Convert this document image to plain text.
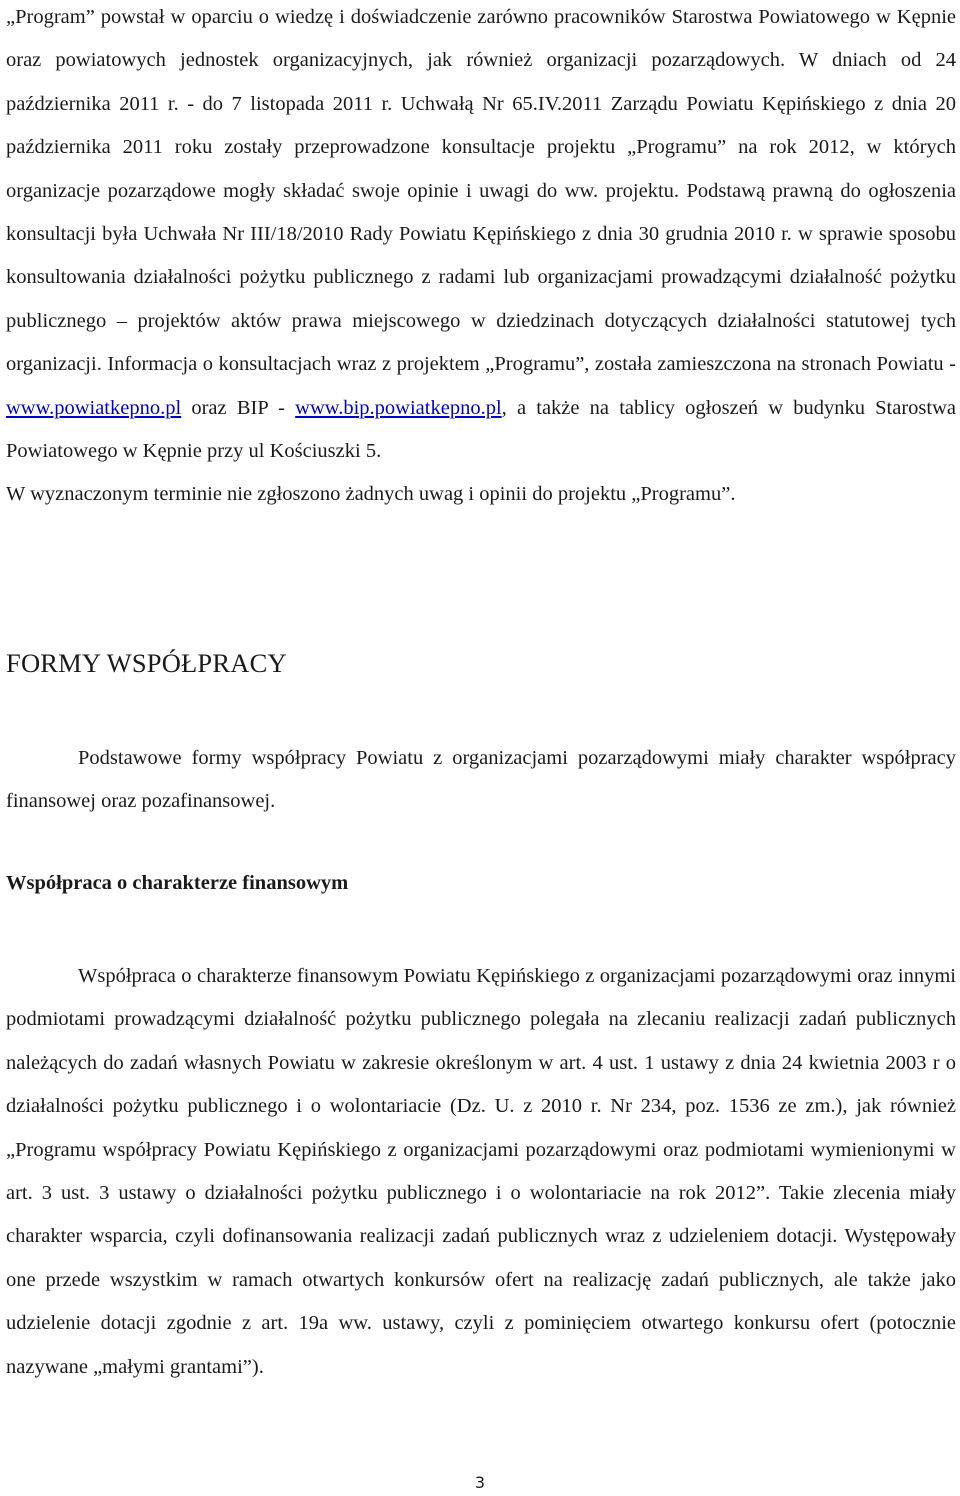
„Program” powstał w oparciu o wiedzę i doświadczenie zarówno pracowników Starostwa Powiatowego w Kępnie oraz powiatowych jednostek organizacyjnych, jak również organizacji pozarządowych. W dniach od 24 października 2011 r. - do 7 listopada 2011 r. Uchwałą Nr 65.IV.2011 Zarządu Powiatu Kępińskiego z dnia 20 października 2011 roku zostały przeprowadzone konsultacje projektu „Programu” na rok 2012, w których organizacje pozarządowe mogły składać swoje opinie i uwagi do ww. projektu. Podstawą prawną do ogłoszenia konsultacji była Uchwała Nr III/18/2010 Rady Powiatu Kępińskiego z dnia 30 grudnia 2010 r. w sprawie sposobu konsultowania działalności pożytku publicznego z radami lub organizacjami prowadzącymi działalność pożytku publicznego – projektów aktów prawa miejscowego w dziedzinach dotyczących działalności statutowej tych organizacji. Informacja o konsultacjach wraz z projektem „Programu”, została zamieszczona na stronach Powiatu - www.powiatkepno.pl oraz BIP - www.bip.powiatkepno.pl, a także na tablicy ogłoszeń w budynku Starostwa Powiatowego w Kępnie przy ul Kościuszki 5.

W wyznaczonym terminie nie zgłoszono żadnych uwag i opinii do projektu „Programu”.

FORMY WSPÓŁPRACY

Podstawowe formy współpracy Powiatu z organizacjami pozarządowymi miały charakter współpracy finansowej oraz pozafinansowej.

Współpraca o charakterze finansowym

Współpraca o charakterze finansowym Powiatu Kępińskiego z organizacjami pozarządowymi oraz innymi podmiotami prowadzącymi działalność pożytku publicznego polegała na zlecaniu realizacji zadań publicznych należących do zadań własnych Powiatu w zakresie określonym w art. 4 ust. 1 ustawy z dnia 24 kwietnia 2003 r o działalności pożytku publicznego i o wolontariacie (Dz. U. z 2010 r. Nr 234, poz. 1536 ze zm.), jak również „Programu współpracy Powiatu Kępińskiego z organizacjami pozarządowymi oraz podmiotami wymienionymi w art. 3 ust. 3 ustawy o działalności pożytku publicznego i o wolontariacie na rok 2012”. Takie zlecenia miały charakter wsparcia, czyli dofinansowania realizacji zadań publicznych wraz z udzieleniem dotacji. Występowały one przede wszystkim w ramach otwartych konkursów ofert na realizację zadań publicznych, ale także jako udzielenie dotacji zgodnie z art. 19a ww. ustawy, czyli z pominięciem otwartego konkursu ofert (potocznie nazywane „małymi grantami”).

3
